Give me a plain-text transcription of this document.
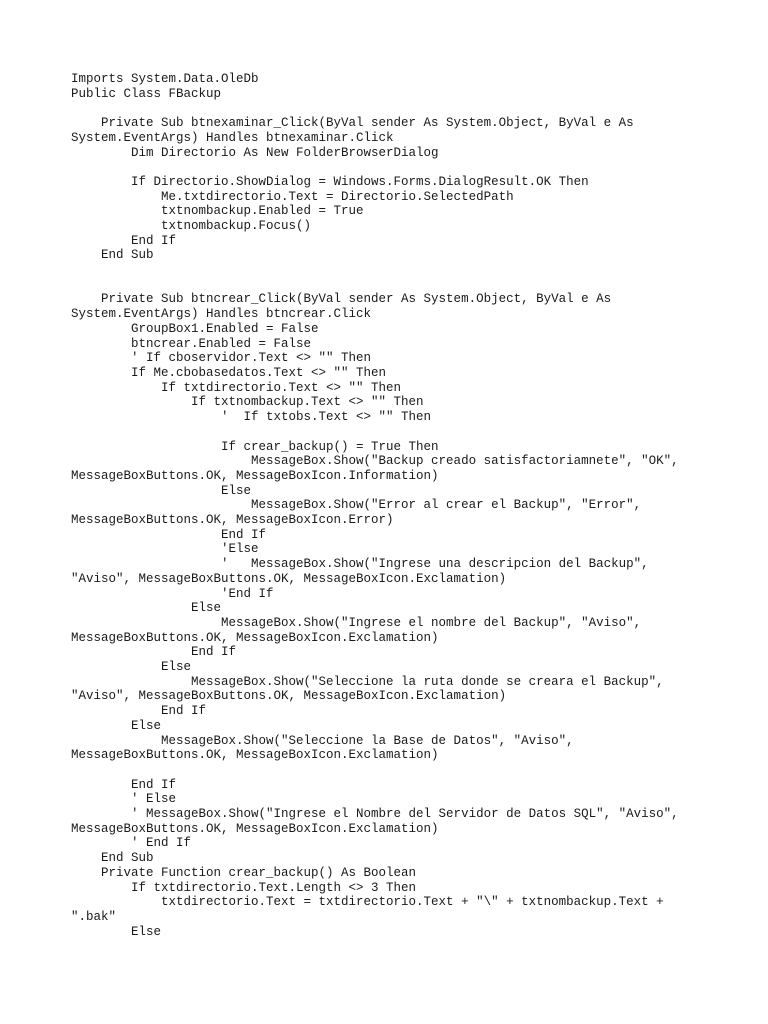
Imports System.Data.OleDb
Public Class FBackup
Private Sub btnexaminar_Click(ByVal sender As System.Object, ByVal e As
System.EventArgs) Handles btnexaminar.Click
Dim Directorio As New FolderBrowserDialog
If Directorio.ShowDialog = Windows.Forms.DialogResult.OK Then
Me.txtdirectorio.Text = Directorio.SelectedPath
txtnombackup.Enabled = True
txtnombackup.Focus()
End If
End Sub
Private Sub btncrear_Click(ByVal sender As System.Object, ByVal e As
System.EventArgs) Handles btncrear.Click
GroupBox1.Enabled = False
btncrear.Enabled = False
' If cboservidor.Text <> "" Then
If Me.cbobasedatos.Text <> "" Then
If txtdirectorio.Text <> "" Then
If txtnombackup.Text <> "" Then
'  If txtobs.Text <> "" Then
If crear_backup() = True Then
MessageBox.Show("Backup creado satisfactoriamnete", "OK",
MessageBoxButtons.OK, MessageBoxIcon.Information)
Else
MessageBox.Show("Error al crear el Backup", "Error",
MessageBoxButtons.OK, MessageBoxIcon.Error)
End If
'Else
'   MessageBox.Show("Ingrese una descripcion del Backup",
"Aviso", MessageBoxButtons.OK, MessageBoxIcon.Exclamation)
'End If
Else
MessageBox.Show("Ingrese el nombre del Backup", "Aviso",
MessageBoxButtons.OK, MessageBoxIcon.Exclamation)
End If
Else
MessageBox.Show("Seleccione la ruta donde se creara el Backup",
"Aviso", MessageBoxButtons.OK, MessageBoxIcon.Exclamation)
End If
Else
MessageBox.Show("Seleccione la Base de Datos", "Aviso",
MessageBoxButtons.OK, MessageBoxIcon.Exclamation)
End If
' Else
' MessageBox.Show("Ingrese el Nombre del Servidor de Datos SQL", "Aviso",
MessageBoxButtons.OK, MessageBoxIcon.Exclamation)
' End If
End Sub
Private Function crear_backup() As Boolean
If txtdirectorio.Text.Length <> 3 Then
txtdirectorio.Text = txtdirectorio.Text + "\" + txtnombackup.Text +
".bak"
Else
